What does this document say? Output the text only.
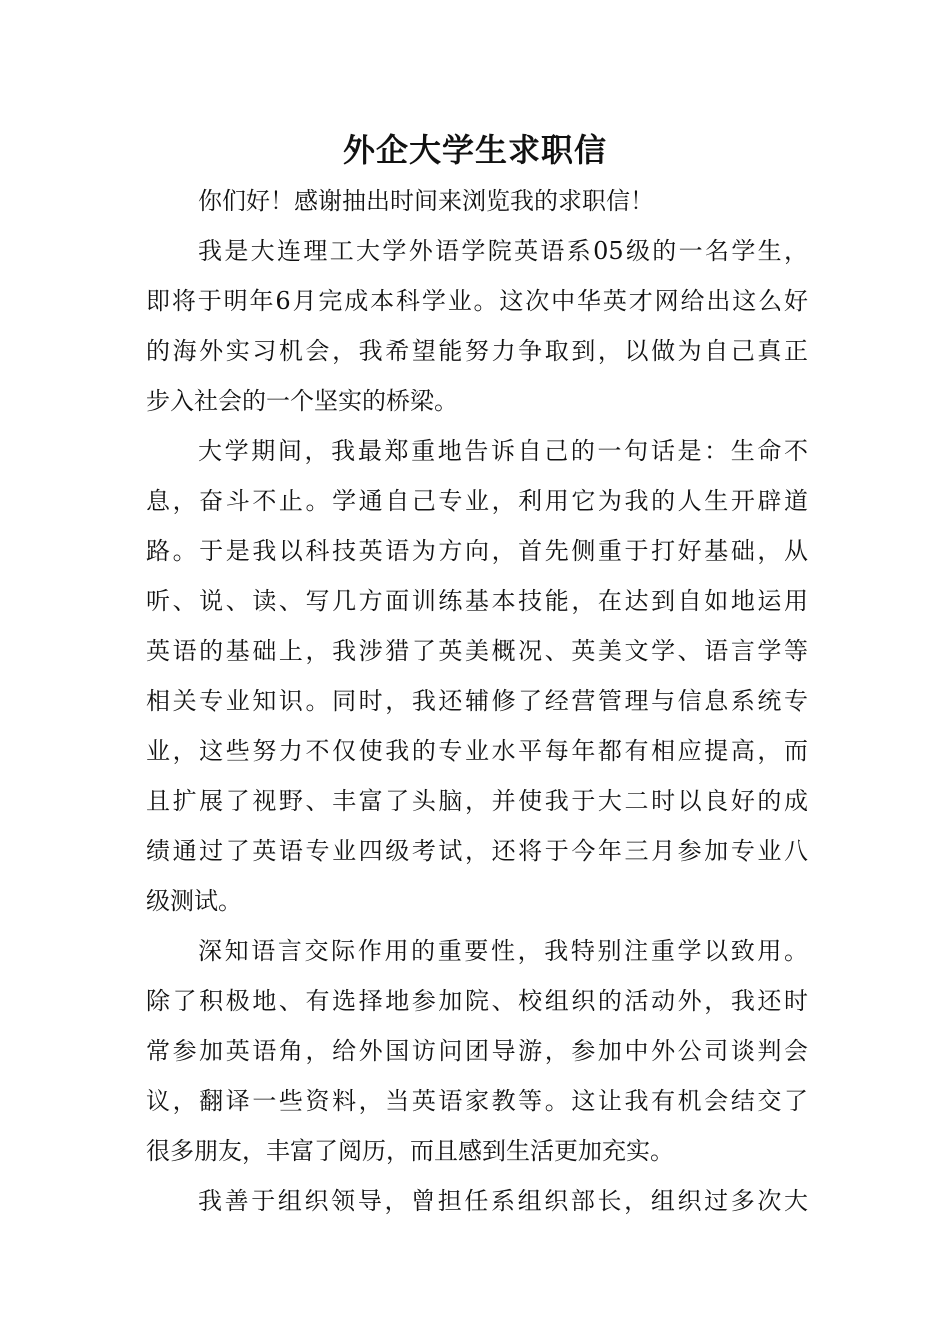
外企大学生求职信
你们好！感谢抽出时间来浏览我的求职信！
我是大连理工大学外语学院英语系05级的一名学生，
即将于明年6月完成本科学业。这次中华英才网给出这么好
的海外实习机会，我希望能努力争取到，以做为自己真正
步入社会的一个坚实的桥梁。
大学期间，我最郑重地告诉自己的一句话是：生命不
息，奋斗不止。学通自己专业，利用它为我的人生开辟道
路。于是我以科技英语为方向，首先侧重于打好基础，从
听、说、读、写几方面训练基本技能，在达到自如地运用
英语的基础上，我涉猎了英美概况、英美文学、语言学等
相关专业知识。同时，我还辅修了经营管理与信息系统专
业，这些努力不仅使我的专业水平每年都有相应提高，而
且扩展了视野、丰富了头脑，并使我于大二时以良好的成
绩通过了英语专业四级考试，还将于今年三月参加专业八
级测试。
深知语言交际作用的重要性，我特别注重学以致用。
除了积极地、有选择地参加院、校组织的活动外，我还时
常参加英语角，给外国访问团导游，参加中外公司谈判会
议，翻译一些资料，当英语家教等。这让我有机会结交了
很多朋友，丰富了阅历，而且感到生活更加充实。
我善于组织领导，曾担任系组织部长，组织过多次大
